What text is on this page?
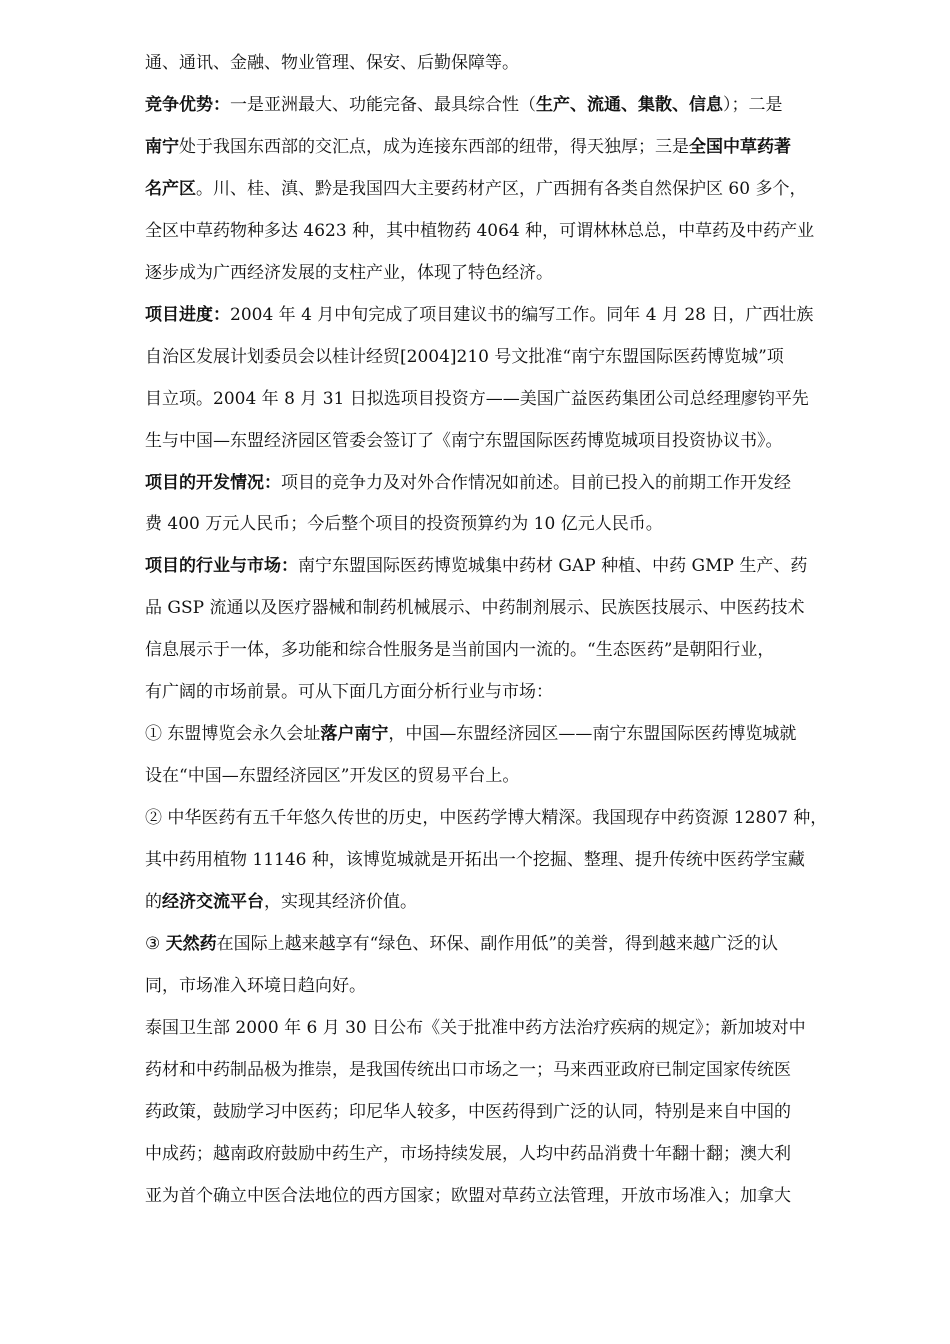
通、通讯、金融、物业管理、保安、后勤保障等。
竞争优势：一是亚洲最大、功能完备、最具综合性（生产、流通、集散、信息）；二是
南宁处于我国东西部的交汇点，成为连接东西部的纽带，得天独厚；三是全国中草药著
名产区。川、桂、滇、黔是我国四大主要药材产区，广西拥有各类自然保护区 60 多个，
全区中草药物种多达 4623 种，其中植物药 4064 种，可谓林林总总，中草药及中药产业
逐步成为广西经济发展的支柱产业，体现了特色经济。
项目进度：2004 年 4 月中旬完成了项目建议书的编写工作。同年 4 月 28 日，广西壮族
自治区发展计划委员会以桂计经贸[2004]210 号文批准“南宁东盟国际医药博览城”项
目立项。2004 年 8 月 31 日拟选项目投资方——美国广益医药集团公司总经理廖钧平先
生与中国—东盟经济园区管委会签订了《南宁东盟国际医药博览城项目投资协议书》。
项目的开发情况：项目的竞争力及对外合作情况如前述。目前已投入的前期工作开发经
费 400 万元人民币；今后整个项目的投资预算约为 10 亿元人民币。
项目的行业与市场：南宁东盟国际医药博览城集中药材 GAP 种植、中药 GMP 生产、药
品 GSP 流通以及医疗器械和制药机械展示、中药制剂展示、民族医技展示、中医药技术
信息展示于一体，多功能和综合性服务是当前国内一流的。“生态医药”是朝阳行业，
有广阔的市场前景。可从下面几方面分析行业与市场：
① 东盟博览会永久会址落户南宁，中国—东盟经济园区——南宁东盟国际医药博览城就
设在“中国—东盟经济园区”开发区的贸易平台上。
② 中华医药有五千年悠久传世的历史，中医药学博大精深。我国现存中药资源 12807 种，
其中药用植物 11146 种，该博览城就是开拓出一个挖掘、整理、提升传统中医药学宝藏
的经济交流平台，实现其经济价值。
③ 天然药在国际上越来越享有“绿色、环保、副作用低”的美誉，得到越来越广泛的认
同，市场准入环境日趋向好。
泰国卫生部 2000 年 6 月 30 日公布《关于批准中药方法治疗疾病的规定》；新加坡对中
药材和中药制品极为推崇，是我国传统出口市场之一；马来西亚政府已制定国家传统医
药政策，鼓励学习中医药；印尼华人较多，中医药得到广泛的认同，特别是来自中国的
中成药；越南政府鼓励中药生产，市场持续发展，人均中药品消费十年翻十翻；澳大利
亚为首个确立中医合法地位的西方国家；欧盟对草药立法管理，开放市场准入；加拿大
